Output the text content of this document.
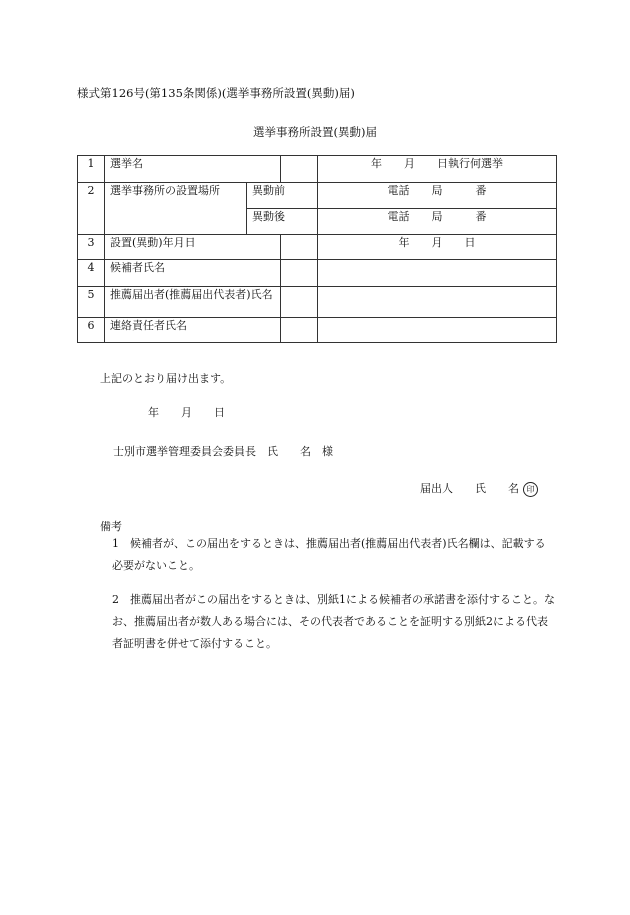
様式第126号(第135条関係)(選挙事務所設置(異動)届)
選挙事務所設置(異動)届
1	選挙名			年　　月　　日執行何選挙
2	選挙事務所の設置場所	異動前		電話　　局　　　番
		異動後		電話　　局　　　番
3	設置(異動)年月日			年　　月　　日
4	候補者氏名			
5	推薦届出者(推薦届出代表者)氏名			
6	連絡責任者氏名			
上記のとおり届け出ます。
年　　月　　日
士別市選挙管理委員会委員長　氏　　名　様
届出人　　氏　　名 印
備考
1 候補者が、この届出をするときは、推薦届出者(推薦届出代表者)氏名欄は、記載する必要がないこと。
2 推薦届出者がこの届出をするときは、別紙1による候補者の承諾書を添付すること。なお、推薦届出者が数人ある場合には、その代表者であることを証明する別紙2による代表者証明書を併せて添付すること。
